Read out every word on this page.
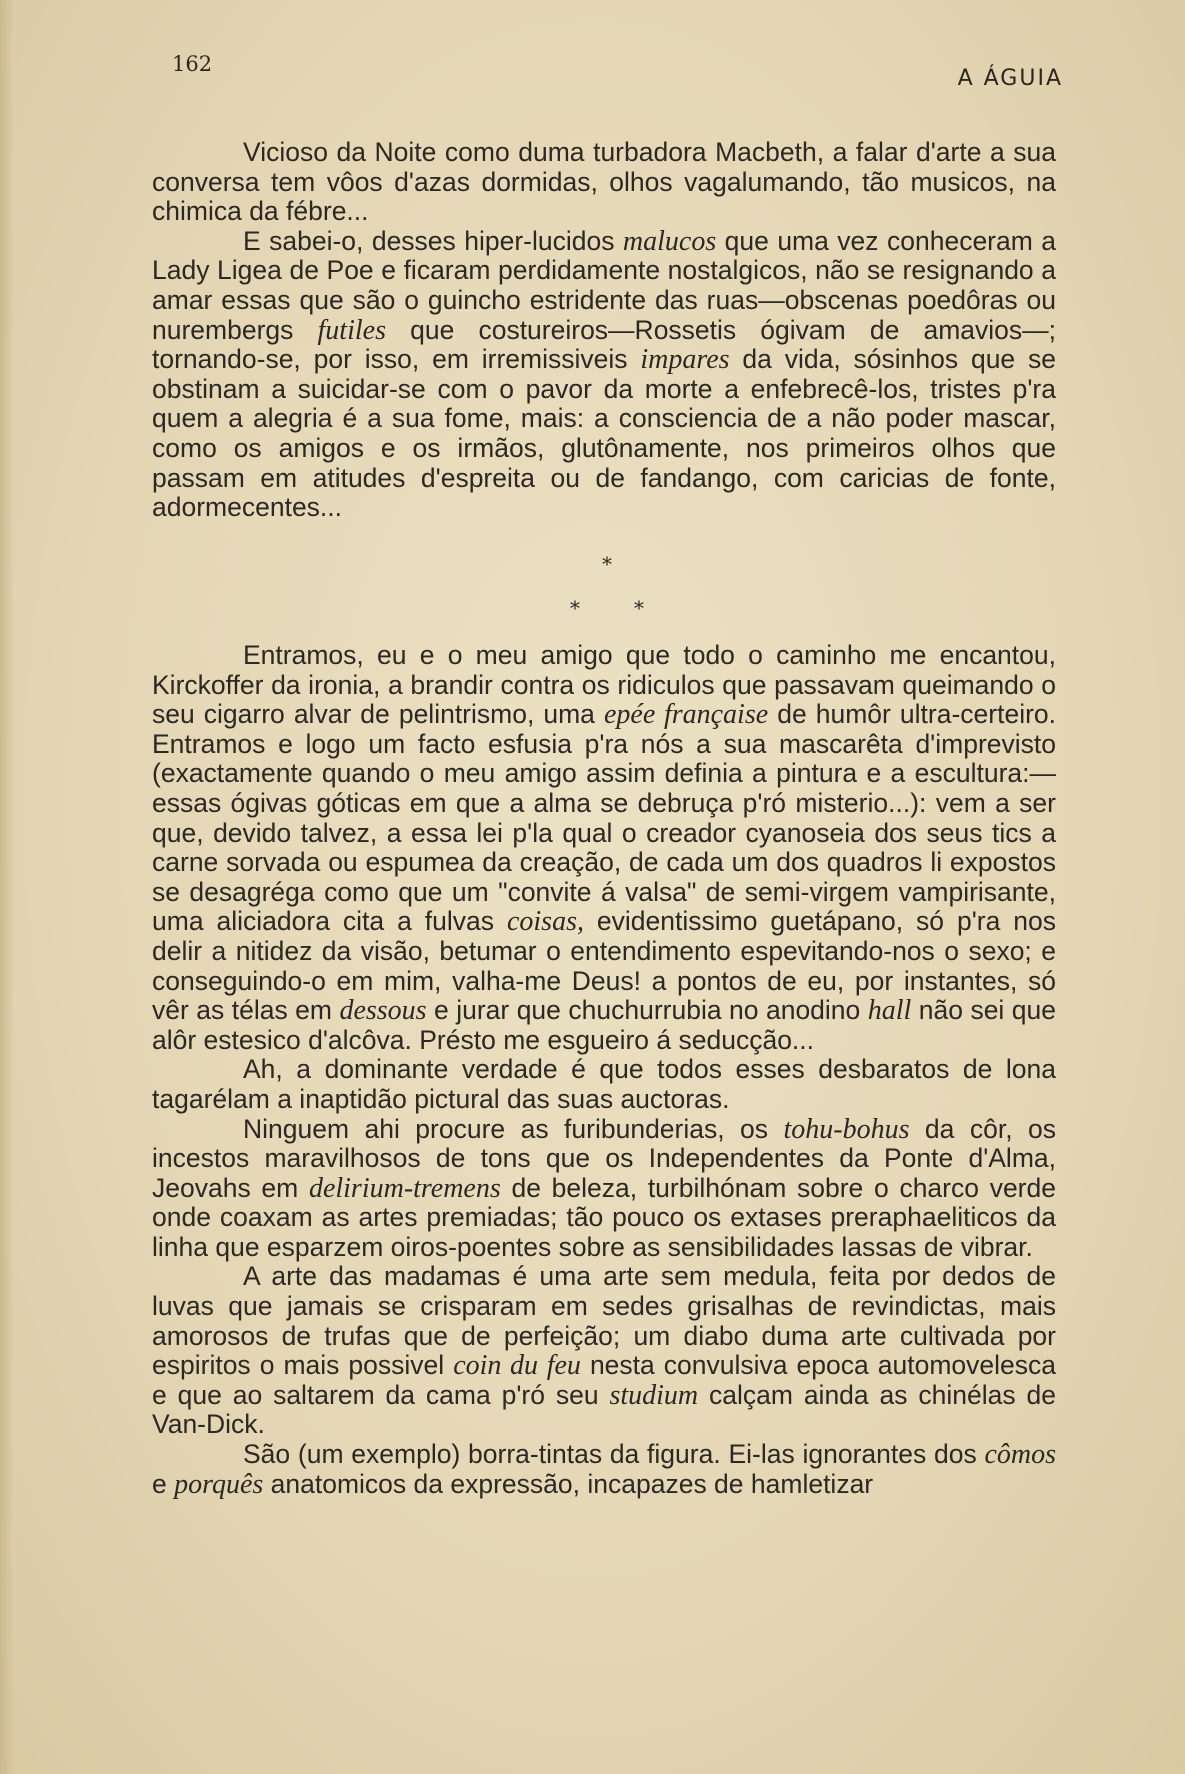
162
A ÁGUIA

Vicioso da Noite como duma turbadora Macbeth, a falar d'arte a sua conversa tem vôos d'azas dormidas, olhos vagalumando, tão musicos, na chimica da fébre...

E sabei-o, desses hiper-lucidos malucos que uma vez conheceram a Lady Ligea de Poe e ficaram perdidamente nostalgicos, não se resignando a amar essas que são o guincho estridente das ruas—obscenas poedôras ou nurembergs futiles que costureiros—Rossetis ógivam de amavios—; tornando-se, por isso, em irremissiveis impares da vida, sósinhos que se obstinam a suicidar-se com o pavor da morte a enfebrecê-los, tristes p'ra quem a alegria é a sua fome, mais: a consciencia de a não poder mascar, como os amigos e os irmãos, glutônamente, nos primeiros olhos que passam em atitudes d'espreita ou de fandango, com caricias de fonte, adormecentes...

*
*	*

Entramos, eu e o meu amigo que todo o caminho me encantou, Kirckoffer da ironia, a brandir contra os ridiculos que passavam queimando o seu cigarro alvar de pelintrismo, uma epée française de humôr ultra-certeiro. Entramos e logo um facto esfusia p'ra nós a sua mascarêta d'imprevisto (exactamente quando o meu amigo assim definia a pintura e a escultura:—essas ógivas góticas em que a alma se debruça p'ró misterio...): vem a ser que, devido talvez, a essa lei p'la qual o creador cyanoseia dos seus tics a carne sorvada ou espumea da creação, de cada um dos quadros li expostos se desagréga como que um "convite á valsa" de semi-virgem vampirisante, uma aliciadora cita a fulvas coisas, evidentissimo guetápano, só p'ra nos delir a nitidez da visão, betumar o entendimento espevitando-nos o sexo; e conseguindo-o em mim, valha-me Deus! a pontos de eu, por instantes, só vêr as télas em dessous e jurar que chuchurrubia no anodino hall não sei que alôr estesico d'alcôva. Présto me esgueiro á seducção...

Ah, a dominante verdade é que todos esses desbaratos de lona tagarélam a inaptidão pictural das suas auctoras.

Ninguem ahi procure as furibunderias, os tohu-bohus da côr, os incestos maravilhosos de tons que os Independentes da Ponte d'Alma, Jeovahs em delirium-tremens de beleza, turbilhónam sobre o charco verde onde coaxam as artes premiadas; tão pouco os extases preraphaeliticos da linha que esparzem oiros-poentes sobre as sensibilidades lassas de vibrar.

A arte das madamas é uma arte sem medula, feita por dedos de luvas que jamais se crisparam em sedes grisalhas de revindictas, mais amorosos de trufas que de perfeição; um diabo duma arte cultivada por espiritos o mais possivel coin du feu nesta convulsiva epoca automovelesca e que ao saltarem da cama p'ró seu studium calçam ainda as chinélas de Van-Dick.

São (um exemplo) borra-tintas da figura. Ei-las ignorantes dos cômos e porquês anatomicos da expressão, incapazes de hamletizar
